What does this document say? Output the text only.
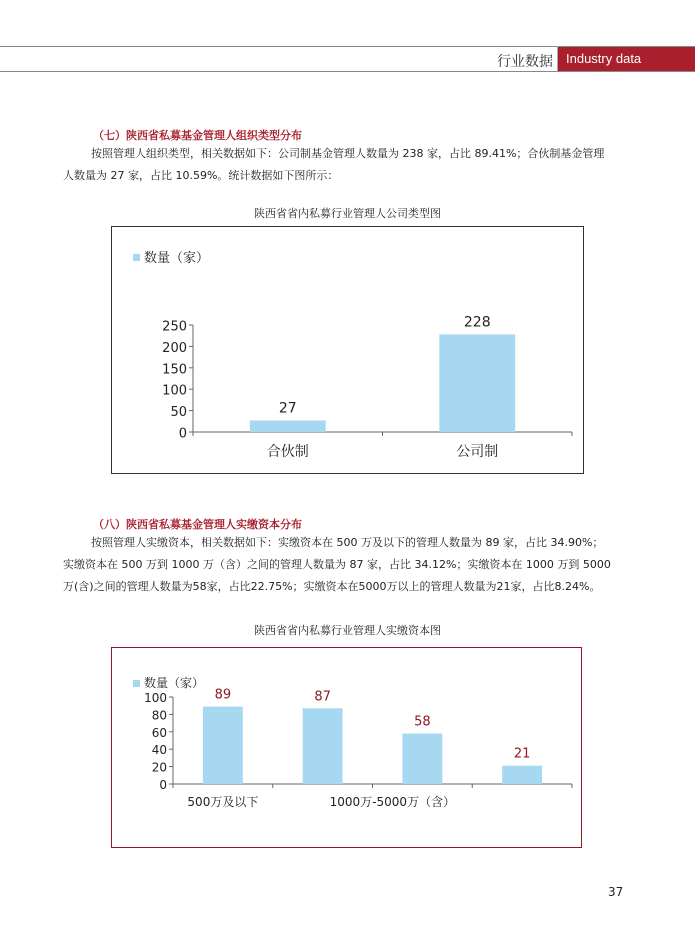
行业数据	Industry data
（七）陕西省私募基金管理人组织类型分布
按照管理人组织类型，相关数据如下：公司制基金管理人数量为 238 家，占比 89.41%；合伙制基金管理
人数量为 27 家，占比 10.59%。统计数据如下图所示：
陕西省省内私募行业管理人公司类型图
数量（家）
0
50
100
150
200
250
合伙制	公司制
27
228
（八）陕西省私募基金管理人实缴资本分布
按照管理人实缴资本，相关数据如下：实缴资本在 500 万及以下的管理人数量为 89 家，占比 34.90%；
实缴资本在 500 万到 1000 万（含）之间的管理人数量为 87 家，占比 34.12%；实缴资本在 1000 万到 5000
万(含)之间的管理人数量为58家，占比22.75%；实缴资本在5000万以上的管理人数量为21家，占比8.24%。
陕西省省内私募行业管理人实缴资本图
数量（家）
0
20
40
60
80
100
500万及以下	1000万-5000万（含）
89	87
58
21
37
